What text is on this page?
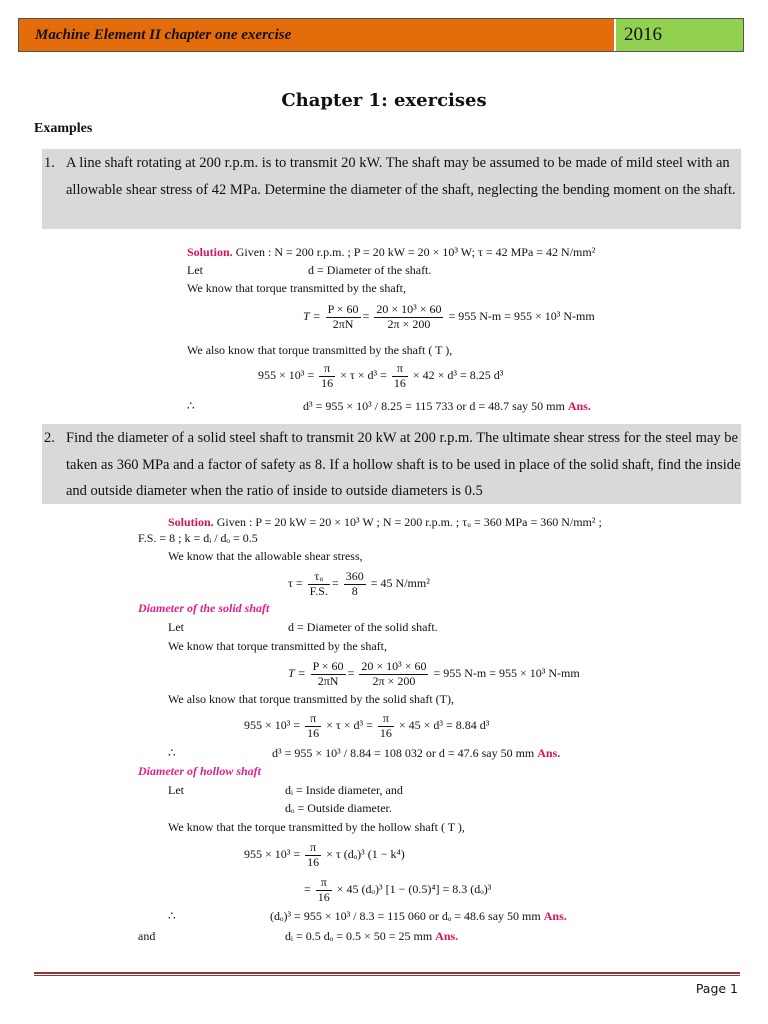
Machine Element II chapter one exercise	2016
Chapter 1: exercises
Examples
1. A line shaft rotating at 200 r.p.m. is to transmit 20 kW. The shaft may be assumed to be made of mild steel with an allowable shear stress of 42 MPa. Determine the diameter of the shaft, neglecting the bending moment on the shaft.
Solution. Given : N = 200 r.p.m. ; P = 20 kW = 20 × 10³ W; τ = 42 MPa = 42 N/mm²
Let	d = Diameter of the shaft.
We know that torque transmitted by the shaft,
$T = \frac{P \times 60}{2\pi N} = \frac{\text{20 × 10³ × 60}}{2\pi \times 200} = 955$ N-m = 955 × 10³ N-mm
We also know that torque transmitted by the shaft ( T ),
$955 \times 10^3 = \frac{\pi}{16} \times \tau \times d^3 = \frac{\pi}{16} \times 42 \times d^3 = 8.25$ d³
∴	d³ = 955 × 10³ / 8.25 = 115 733 or d = 48.7 say 50 mm Ans.
2. Find the diameter of a solid steel shaft to transmit 20 kW at 200 r.p.m. The ultimate shear stress for the steel may be taken as 360 MPa and a factor of safety as 8. If a hollow shaft is to be used in place of the solid shaft, find the inside and outside diameter when the ratio of inside to outside diameters is 0.5
Solution. Given : P = 20 kW = 20 × 10³ W ; N = 200 r.p.m. ; τᵤ = 360 MPa = 360 N/mm² ;
F.S. = 8 ; k = dᵢ / dₒ = 0.5
We know that the allowable shear stress,
$\tau = \frac{\text{τᵤ}}{F.S.} = \frac{360}{8} = 45$ N/mm²
Diameter of the solid shaft
Let	d = Diameter of the solid shaft.
We know that torque transmitted by the shaft,
$T = \frac{P \times 60}{2\pi N} = \frac{\text{20 × 10³ × 60}}{2\pi \times 200} = 955$ N-m = 955 × 10³ N-mm
We also know that torque transmitted by the solid shaft (T),
$955 \times 10^3 = \frac{\pi}{16} \times \tau \times d^3 = \frac{\pi}{16} \times 45 \times d^3 = 8.84$ d³
∴	d³ = 955 × 10³ / 8.84 = 108 032 or d = 47.6 say 50 mm Ans.
Diameter of hollow shaft
Let	dᵢ = Inside diameter, and
dₒ = Outside diameter.
We know that the torque transmitted by the hollow shaft ( T ),
$955 \times 10^3 = \frac{\pi}{16} \times \tau$ (dₒ)³ (1 − k⁴)
= $\frac{\pi}{16} \times 45$ (dₒ)³ [1 − (0.5)⁴] = 8.3 (dₒ)³
∴	(dₒ)³ = 955 × 10³ / 8.3 = 115 060 or dₒ = 48.6 say 50 mm Ans.
and	dᵢ = 0.5 dₒ = 0.5 × 50 = 25 mm Ans.
Page 1
